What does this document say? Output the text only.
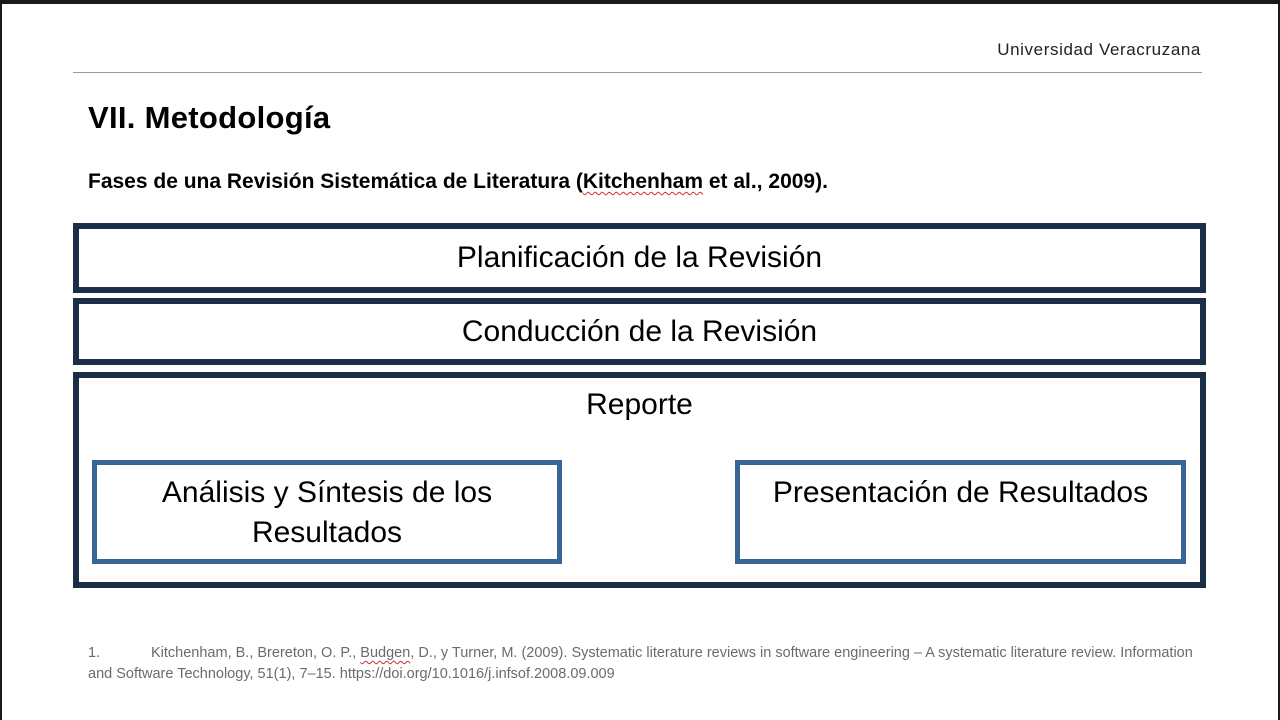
Universidad Veracruzana
VII. Metodología
Fases de una Revisión Sistemática de Literatura (Kitchenham et al., 2009).
Planificación de la Revisión
Conducción de la Revisión
Reporte
Análisis y Síntesis de los
Resultados
Presentación de Resultados
1.	Kitchenham, B., Brereton, O. P., Budgen, D., y Turner, M. (2009). Systematic literature reviews in software engineering – A systematic literature review. Information and Software Technology, 51(1), 7–15. https://doi.org/10.1016/j.infsof.2008.09.009
